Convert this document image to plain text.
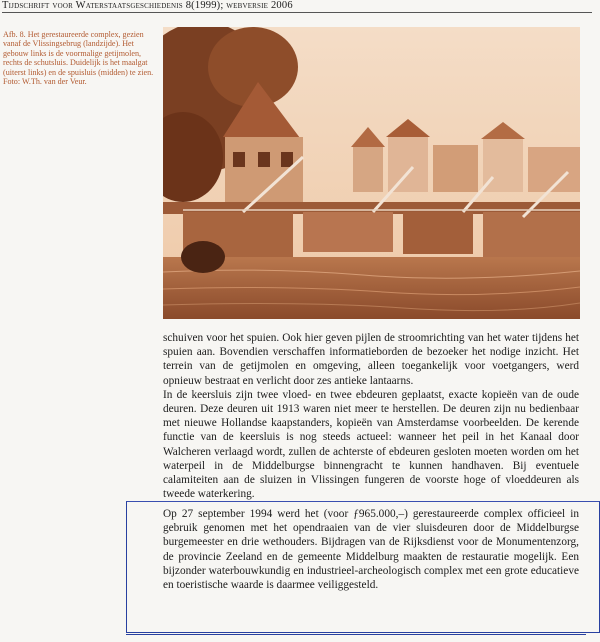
Tijdschrift voor Waterstaatsgeschiedenis 8(1999); webversie 2006
Afb. 8. Het gerestaureerde complex, gezien vanaf de Vlissingsebrug (landzijde). Het gebouw links is de voormalige getijmolen, rechts de schutsluis. Duidelijk is het maalgat (uiterst links) en de spuisluis (midden) te zien. Foto: W.Th. van der Veur.

schuiven voor het spuien. Ook hier geven pijlen de stroomrichting van het water tijdens het spuien aan. Bovendien verschaffen informatieborden de bezoeker het nodige inzicht. Het terrein van de getijmolen en omgeving, alleen toegankelijk voor voetgangers, werd opnieuw bestraat en verlicht door zes antieke lantaarns.

In de keersluis zijn twee vloed- en twee ebdeuren geplaatst, exacte kopieën van de oude deuren. Deze deuren uit 1913 waren niet meer te herstellen. De deuren zijn nu bedienbaar met nieuwe Hollandse kaapstanders, kopieën van Amsterdamse voorbeelden. De kerende functie van de keersluis is nog steeds actueel: wanneer het peil in het Kanaal door Walcheren verlaagd wordt, zullen de achterste of ebdeuren gesloten moeten worden om het waterpeil in de Middelburgse binnengracht te kunnen handhaven. Bij eventuele calamiteiten aan de sluizen in Vlissingen fungeren de voorste hoge of vloeddeuren als tweede waterkering.

Op 27 september 1994 werd het (voor ƒ965.000,–) gerestaureerde complex officieel in gebruik genomen met het opendraaien van de vier sluisdeuren door de Middelburgse burgemeester en drie wethouders. Bijdragen van de Rijksdienst voor de Monumentenzorg, de provincie Zeeland en de gemeente Middelburg maakten de restauratie mogelijk. Een bijzonder waterbouwkundig en industrieel-archeologisch complex met een grote educatieve en toeristische waarde is daarmee veiliggesteld.
